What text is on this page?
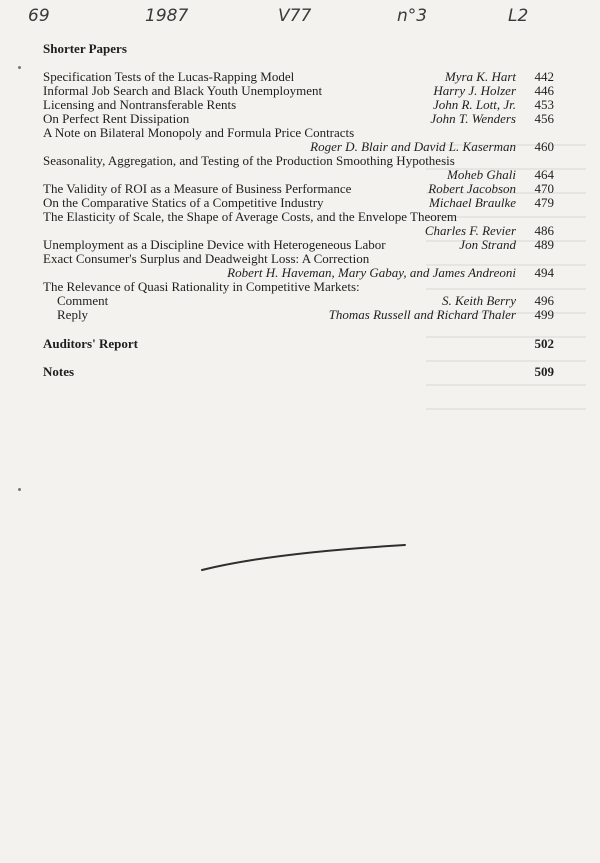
69	1987	V77	n°3	L2
Shorter Papers
Specification Tests of the Lucas-Rapping Model	Myra K. Hart	442
Informal Job Search and Black Youth Unemployment	Harry J. Holzer	446
Licensing and Nontransferable Rents	John R. Lott, Jr.	453
On Perfect Rent Dissipation	John T. Wenders	456
A Note on Bilateral Monopoly and Formula Price Contracts
Roger D. Blair and David L. Kaserman	460
Seasonality, Aggregation, and Testing of the Production Smoothing Hypothesis
Moheb Ghali	464
The Validity of ROI as a Measure of Business Performance	Robert Jacobson	470
On the Comparative Statics of a Competitive Industry	Michael Braulke	479
The Elasticity of Scale, the Shape of Average Costs, and the Envelope Theorem
Charles F. Revier	486
Unemployment as a Discipline Device with Heterogeneous Labor	Jon Strand	489
Exact Consumer's Surplus and Deadweight Loss: A Correction
Robert H. Haveman, Mary Gabay, and James Andreoni	494
The Relevance of Quasi Rationality in Competitive Markets:
Comment	S. Keith Berry	496
Reply	Thomas Russell and Richard Thaler	499
Auditors' Report	502
Notes	509
